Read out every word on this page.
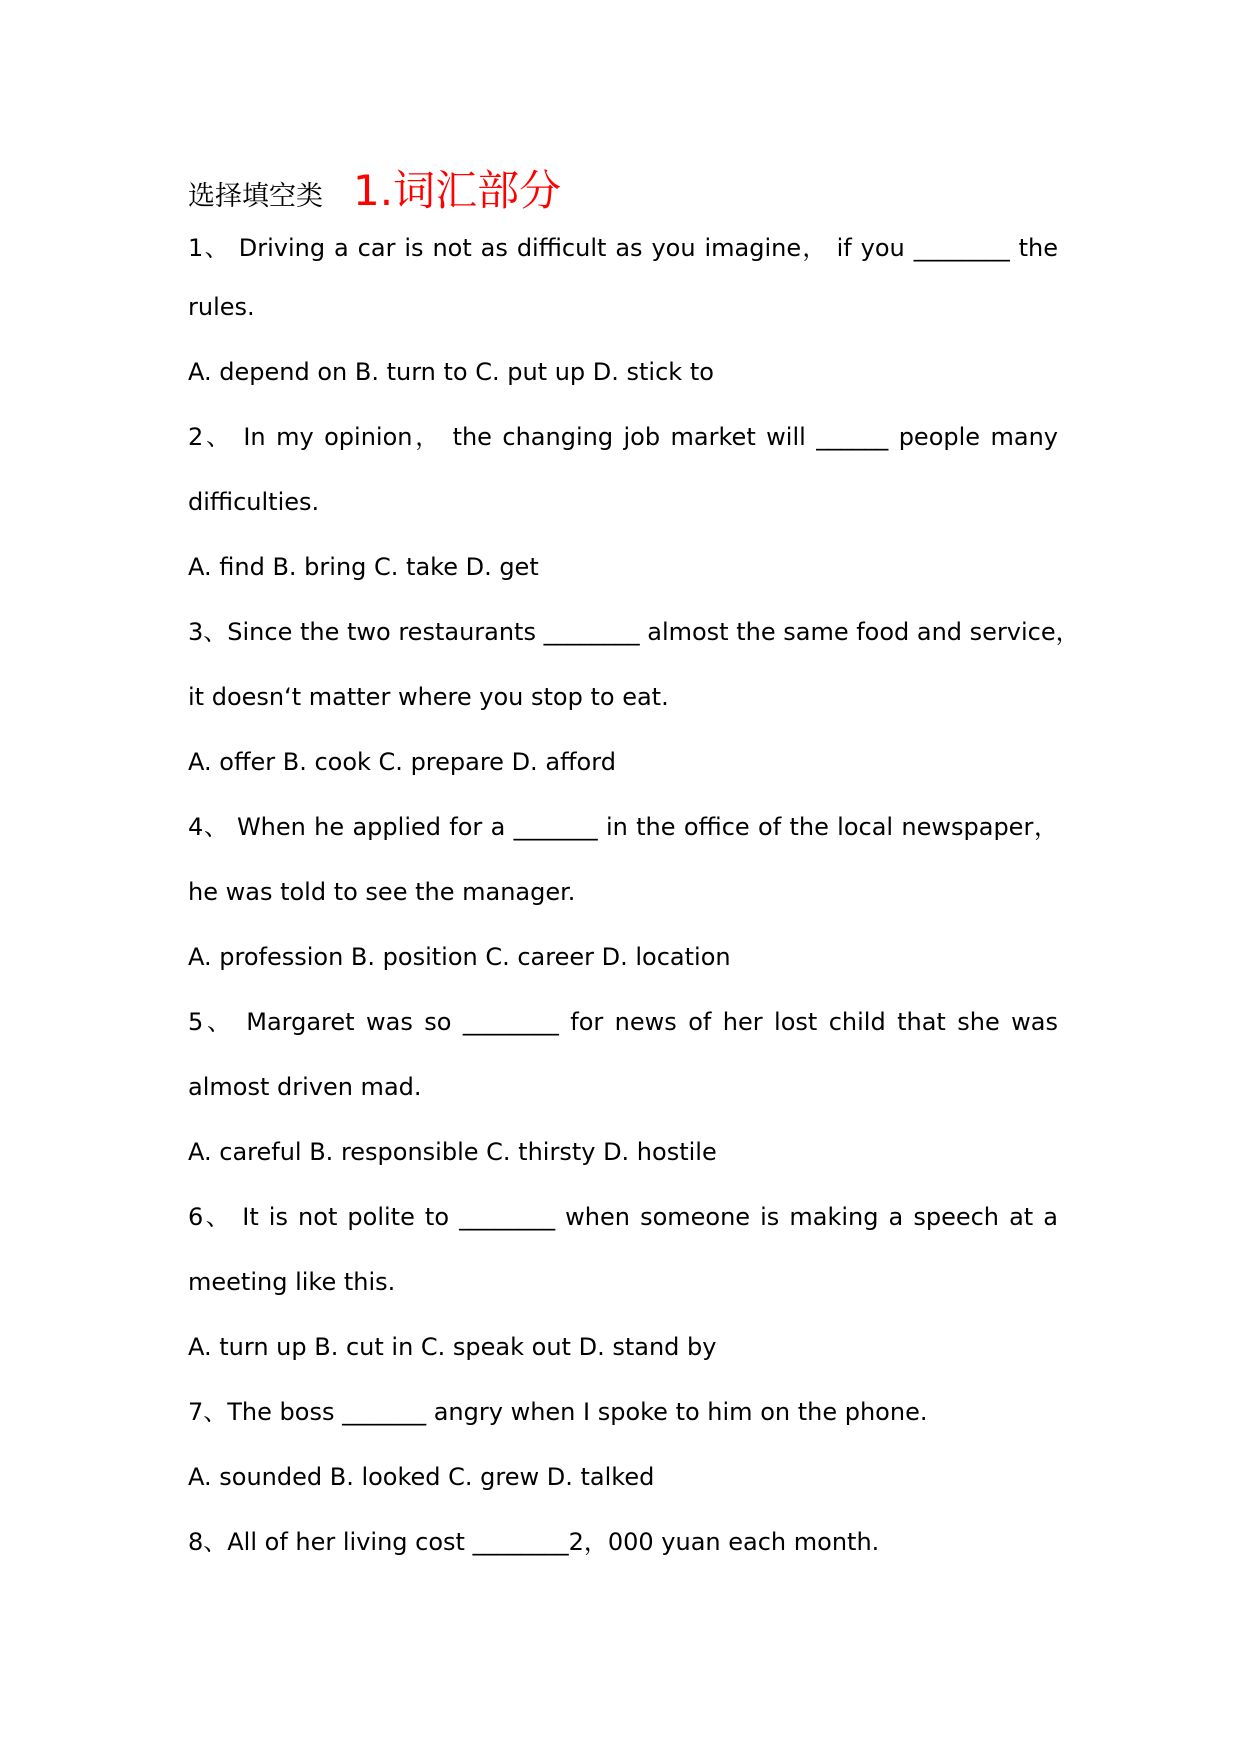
选择填空类 1.词汇部分
1、 Driving a car is not as difficult as you imagine， if you ________ the
rules.
A. depend on B. turn to C. put up D. stick to
2、 In my opinion， the changing job market will ______ people many
difficulties.
A. find B. bring C. take D. get
3、Since the two restaurants ________ almost the same food and service，
it doesn‘t matter where you stop to eat.
A. offer B. cook C. prepare D. afford
4、 When he applied for a _______ in the office of the local newspaper，
he was told to see the manager.
A. profession B. position C. career D. location
5、 Margaret was so ________ for news of her lost child that she was
almost driven mad.
A. careful B. responsible C. thirsty D. hostile
6、 It is not polite to ________ when someone is making a speech at a
meeting like this.
A. turn up B. cut in C. speak out D. stand by
7、The boss _______ angry when I spoke to him on the phone.
A. sounded B. looked C. grew D. talked
8、All of her living cost ________2，000 yuan each month.
